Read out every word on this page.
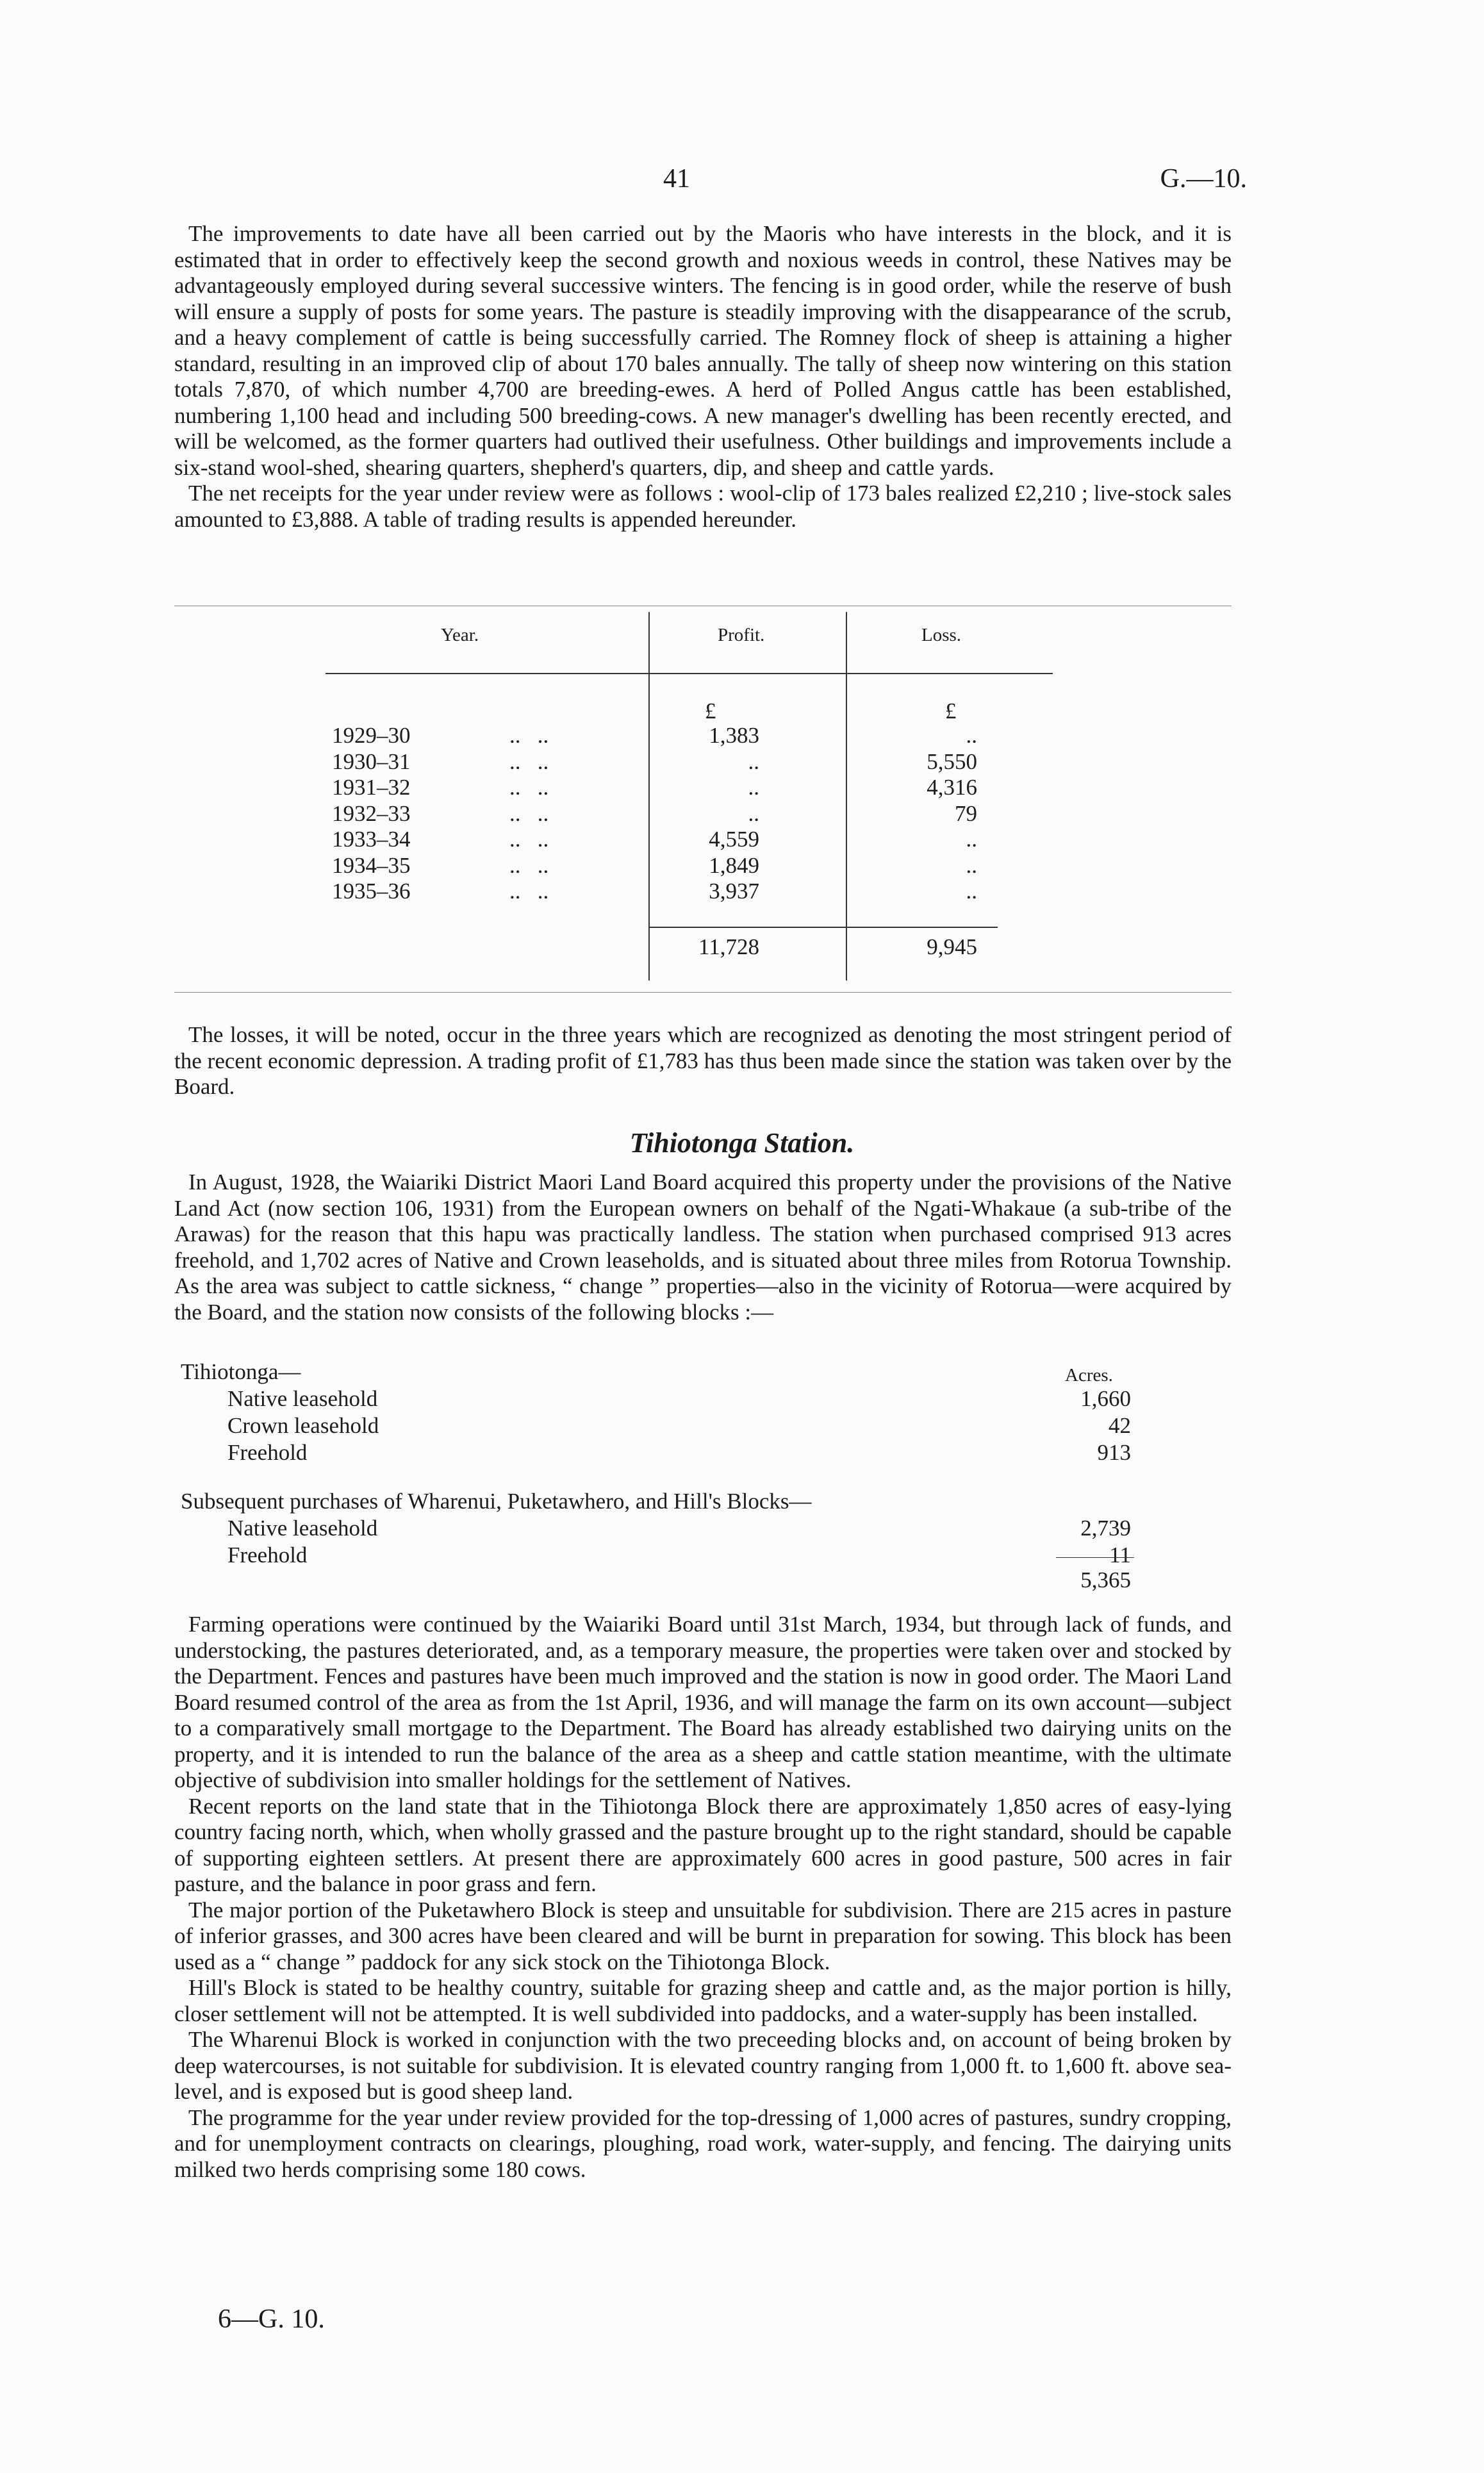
41	G.—10.

The improvements to date have all been carried out by the Maoris who have interests in the block, and it is estimated that in order to effectively keep the second growth and noxious weeds in control, these Natives may be advantageously employed during several successive winters. The fencing is in good order, while the reserve of bush will ensure a supply of posts for some years. The pasture is steadily improving with the disappearance of the scrub, and a heavy complement of cattle is being successfully carried. The Romney flock of sheep is attaining a higher standard, resulting in an improved clip of about 170 bales annually. The tally of sheep now wintering on this station totals 7,870, of which number 4,700 are breeding-ewes. A herd of Polled Angus cattle has been established, numbering 1,100 head and including 500 breeding-cows. A new manager's dwelling has been recently erected, and will be welcomed, as the former quarters had outlived their usefulness. Other buildings and improvements include a six-stand wool-shed, shearing quarters, shepherd's quarters, dip, and sheep and cattle yards.

The net receipts for the year under review were as follows : wool-clip of 173 bales realized £2,210 ; live-stock sales amounted to £3,888. A table of trading results is appended hereunder.

Year.	Profit.	Loss.
£	£
1929–30	..   ..	1,383	..
1930–31	..   ..	..	5,550
1931–32	..   ..	..	4,316
1932–33	..   ..	..	79
1933–34	..   ..	4,559	..
1934–35	..   ..	1,849	..
1935–36	..   ..	3,937	..
11,728	9,945

The losses, it will be noted, occur in the three years which are recognized as denoting the most stringent period of the recent economic depression. A trading profit of £1,783 has thus been made since the station was taken over by the Board.

Tihiotonga Station.

In August, 1928, the Waiariki District Maori Land Board acquired this property under the provisions of the Native Land Act (now section 106, 1931) from the European owners on behalf of the Ngati-Whakaue (a sub-tribe of the Arawas) for the reason that this hapu was practically landless. The station when purchased comprised 913 acres freehold, and 1,702 acres of Native and Crown leaseholds, and is situated about three miles from Rotorua Township. As the area was subject to cattle sickness, “ change ” properties—also in the vicinity of Rotorua—were acquired by the Board, and the station now consists of the following blocks :—

Acres.
Tihiotonga—
Subsequent purchases of Wharenui, Puketawhero, and Hill's Blocks—
Native leasehold	1,660
Crown leasehold	42
Freehold	913
Native leasehold	2,739
Freehold	11
5,365

Farming operations were continued by the Waiariki Board until 31st March, 1934, but through lack of funds, and understocking, the pastures deteriorated, and, as a temporary measure, the properties were taken over and stocked by the Department. Fences and pastures have been much improved and the station is now in good order. The Maori Land Board resumed control of the area as from the 1st April, 1936, and will manage the farm on its own account—subject to a comparatively small mortgage to the Department. The Board has already established two dairying units on the property, and it is intended to run the balance of the area as a sheep and cattle station meantime, with the ultimate objective of subdivision into smaller holdings for the settlement of Natives.

Recent reports on the land state that in the Tihiotonga Block there are approximately 1,850 acres of easy-lying country facing north, which, when wholly grassed and the pasture brought up to the right standard, should be capable of supporting eighteen settlers. At present there are approximately 600 acres in good pasture, 500 acres in fair pasture, and the balance in poor grass and fern.

The major portion of the Puketawhero Block is steep and unsuitable for subdivision. There are 215 acres in pasture of inferior grasses, and 300 acres have been cleared and will be burnt in preparation for sowing. This block has been used as a “ change ” paddock for any sick stock on the Tihiotonga Block.

Hill's Block is stated to be healthy country, suitable for grazing sheep and cattle and, as the major portion is hilly, closer settlement will not be attempted. It is well subdivided into paddocks, and a water-supply has been installed.

The Wharenui Block is worked in conjunction with the two preceeding blocks and, on account of being broken by deep watercourses, is not suitable for subdivision. It is elevated country ranging from 1,000 ft. to 1,600 ft. above sea-level, and is exposed but is good sheep land.

The programme for the year under review provided for the top-dressing of 1,000 acres of pastures, sundry cropping, and for unemployment contracts on clearings, ploughing, road work, water-supply, and fencing. The dairying units milked two herds comprising some 180 cows.

6—G. 10.
